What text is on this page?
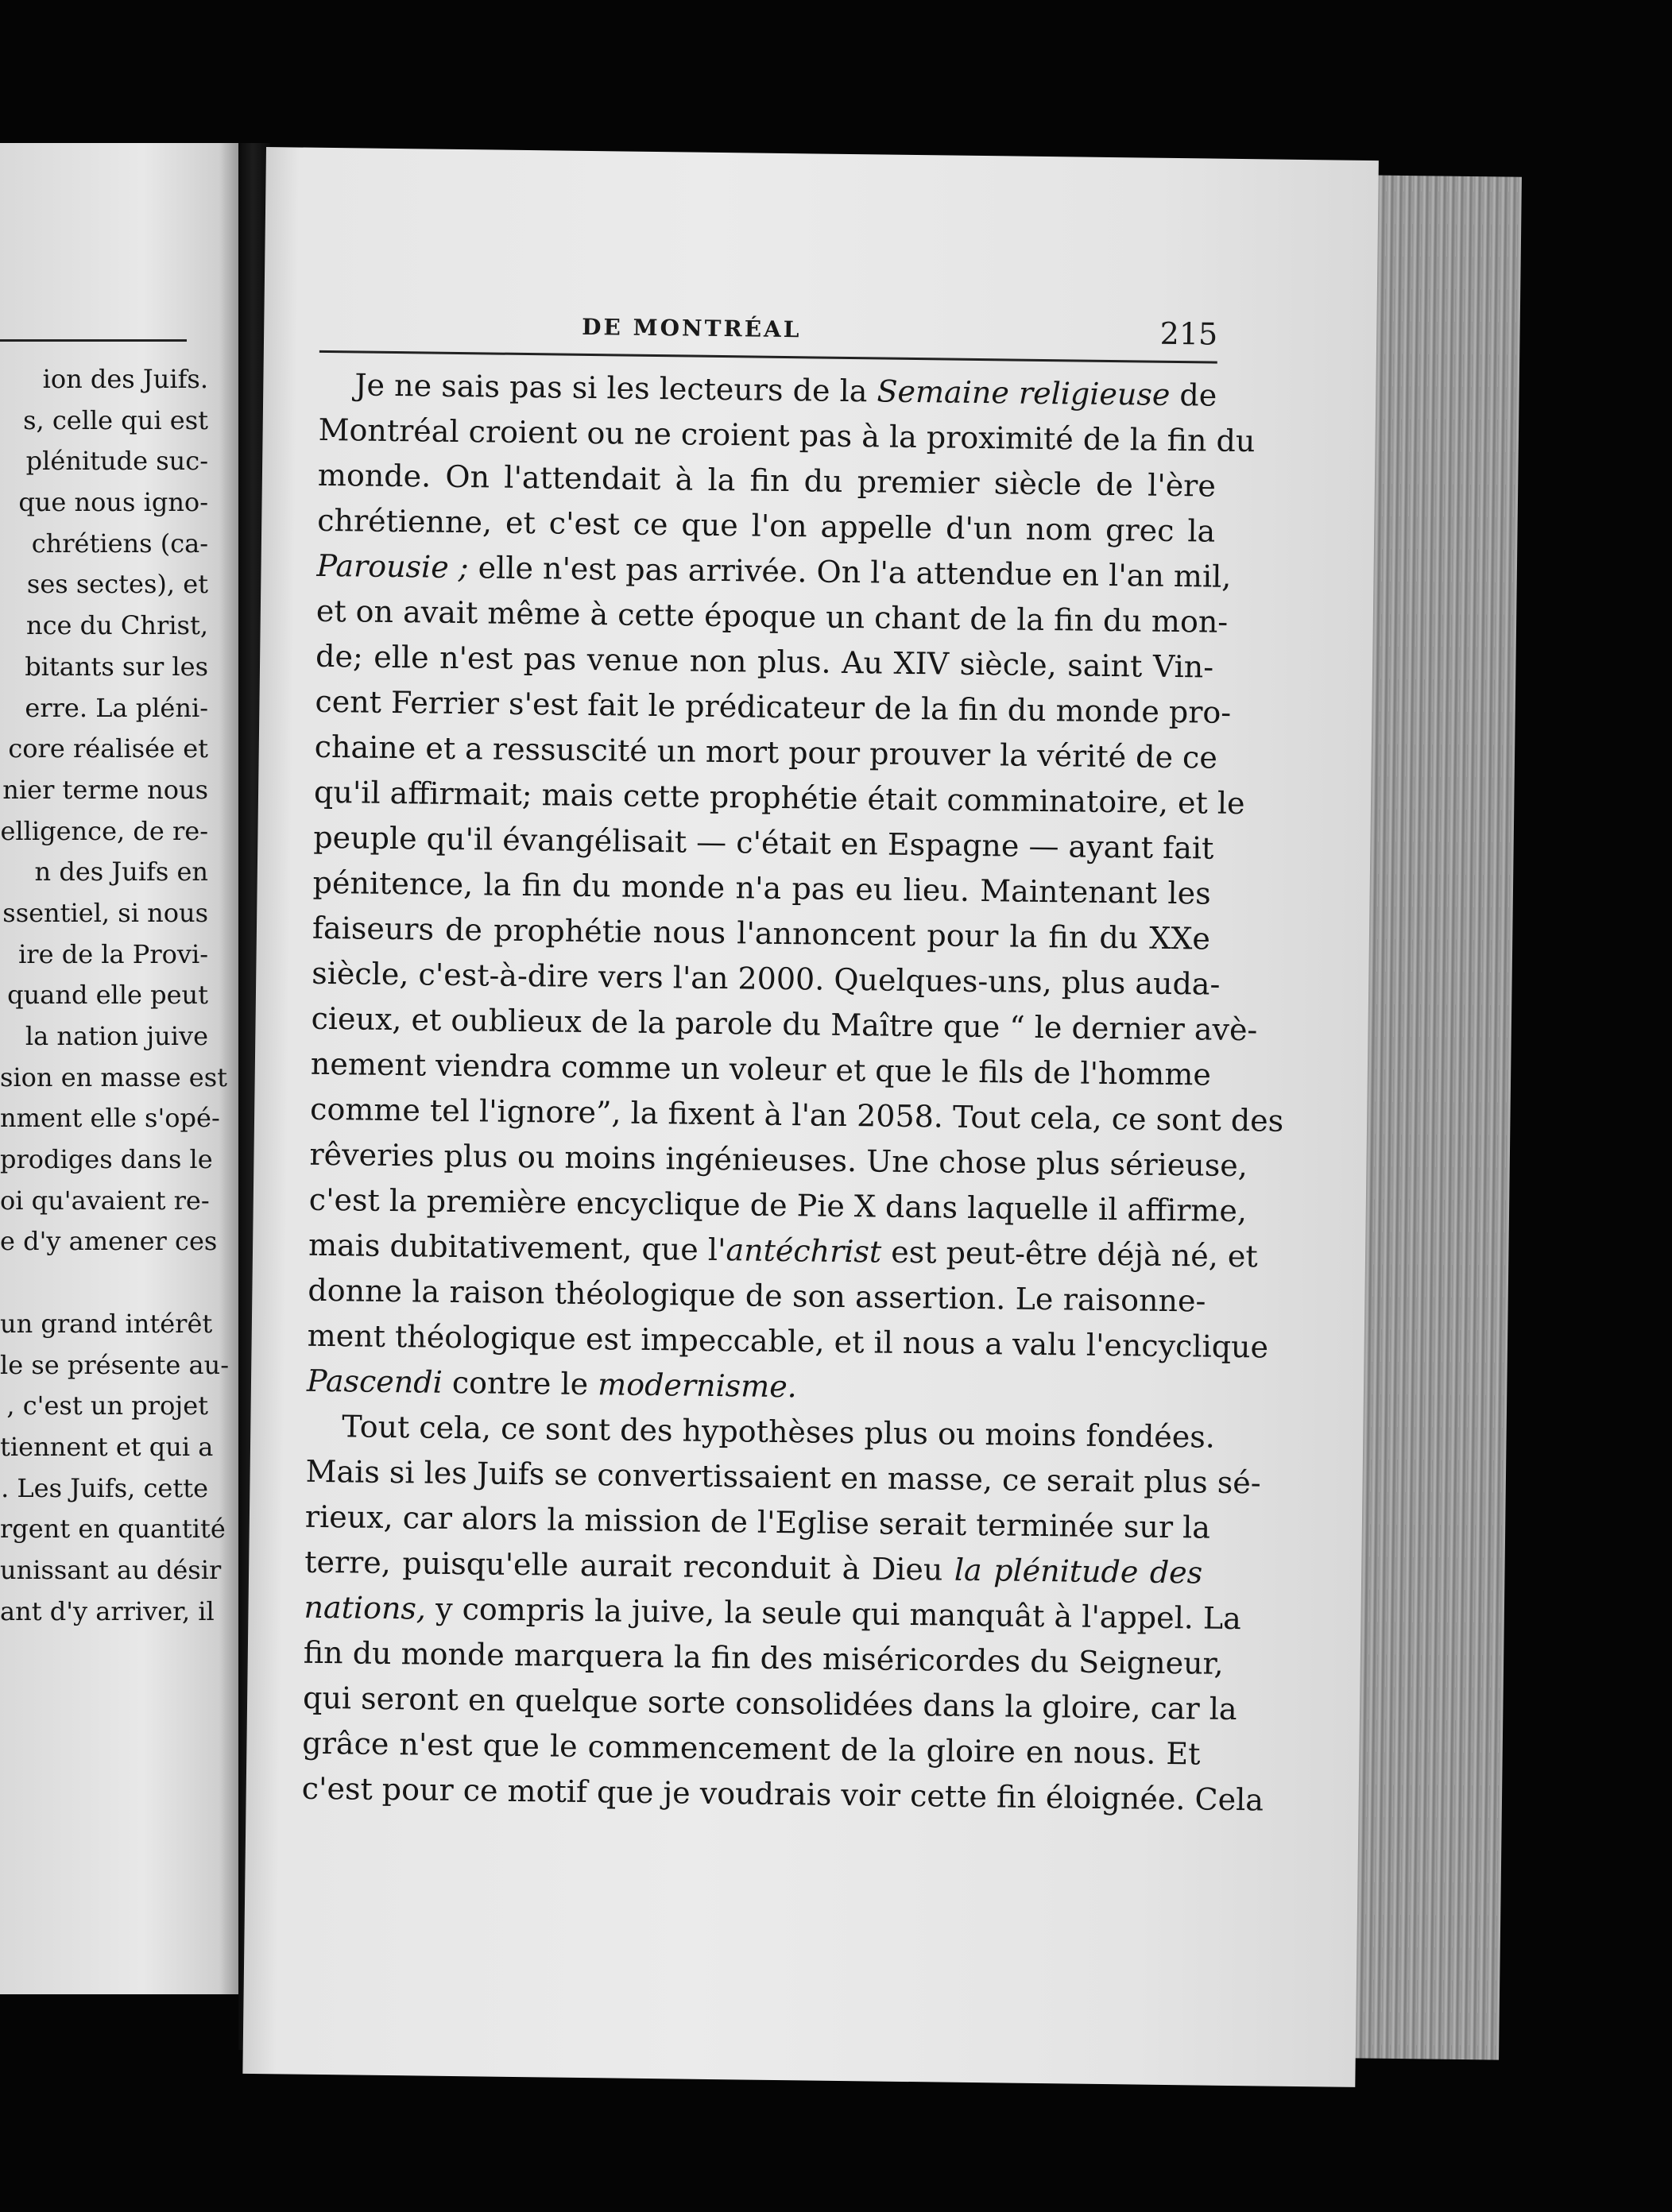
ion des Juifs.
s, celle qui est
plénitude suc-
que nous igno-
chrétiens (ca-
ses sectes), et
nce du Christ,
bitants sur les
erre. La pléni-
core réalisée et
nier terme nous
elligence, de re-
n des Juifs en
ssentiel, si nous
ire de la Provi-
quand elle peut
la nation juive
sion en masse est
nment elle s'opé-
prodiges dans le
oi qu'avaient re-
e d'y amener ces
un grand intérêt
le se présente au-
, c'est un projet
tiennent et qui a
. Les Juifs, cette
rgent en quantité
unissant au désir
ant d'y arriver, il
DE MONTRÉAL	215
Je ne sais pas si les lecteurs de la Semaine religieuse de
Montréal croient ou ne croient pas à la proximité de la fin du
monde. On l'attendait à la fin du premier siècle de l'ère
chrétienne, et c'est ce que l'on appelle d'un nom grec la
Parousie ; elle n'est pas arrivée. On l'a attendue en l'an mil,
et on avait même à cette époque un chant de la fin du mon-
de; elle n'est pas venue non plus. Au XIV siècle, saint Vin-
cent Ferrier s'est fait le prédicateur de la fin du monde pro-
chaine et a ressuscité un mort pour prouver la vérité de ce
qu'il affirmait; mais cette prophétie était comminatoire, et le
peuple qu'il évangélisait — c'était en Espagne — ayant fait
pénitence, la fin du monde n'a pas eu lieu. Maintenant les
faiseurs de prophétie nous l'annoncent pour la fin du XXe
siècle, c'est-à-dire vers l'an 2000. Quelques-uns, plus auda-
cieux, et oublieux de la parole du Maître que “ le dernier avè-
nement viendra comme un voleur et que le fils de l'homme
comme tel l'ignore”, la fixent à l'an 2058. Tout cela, ce sont des
rêveries plus ou moins ingénieuses. Une chose plus sérieuse,
c'est la première encyclique de Pie X dans laquelle il affirme,
mais dubitativement, que l'antéchrist est peut-être déjà né, et
donne la raison théologique de son assertion. Le raisonne-
ment théologique est impeccable, et il nous a valu l'encyclique
Pascendi contre le modernisme.
Tout cela, ce sont des hypothèses plus ou moins fondées.
Mais si les Juifs se convertissaient en masse, ce serait plus sé-
rieux, car alors la mission de l'Eglise serait terminée sur la
terre, puisqu'elle aurait reconduit à Dieu la plénitude des
nations, y compris la juive, la seule qui manquât à l'appel. La
fin du monde marquera la fin des miséricordes du Seigneur,
qui seront en quelque sorte consolidées dans la gloire, car la
grâce n'est que le commencement de la gloire en nous. Et
c'est pour ce motif que je voudrais voir cette fin éloignée. Cela
